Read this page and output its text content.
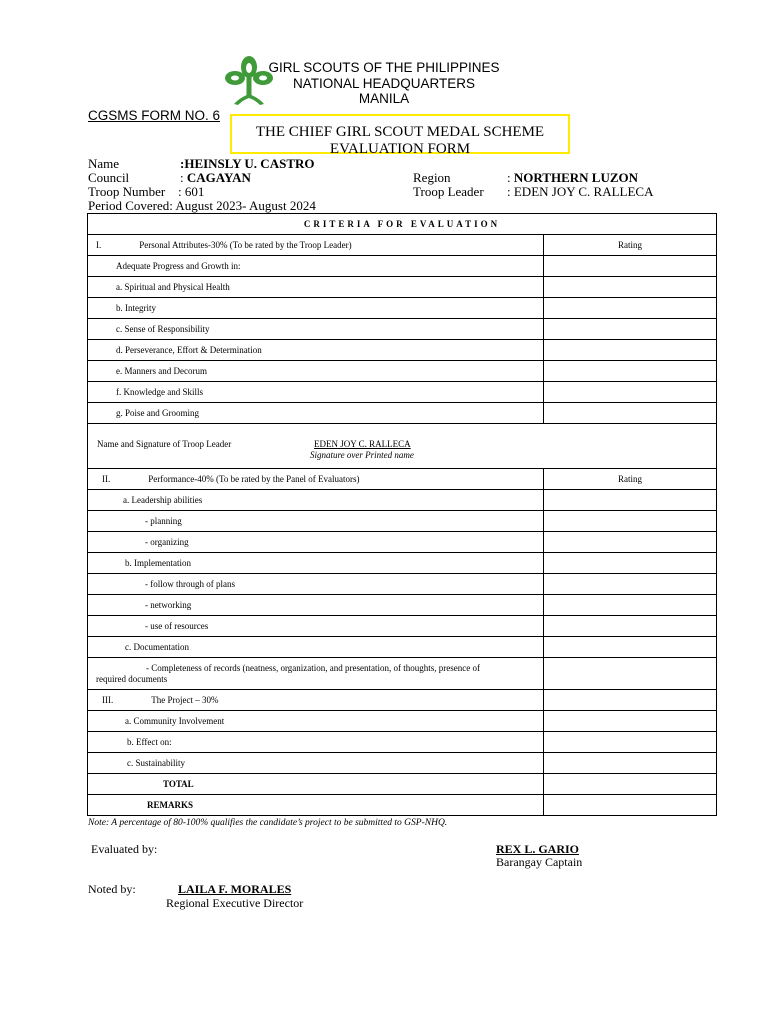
GIRL SCOUTS OF THE PHILIPPINES
NATIONAL HEADQUARTERS
MANILA
CGSMS FORM NO. 6
THE CHIEF GIRL SCOUT MEDAL SCHEME
EVALUATION FORM
Name	:HEINSLY U. CASTRO
Council	: CAGAYAN	Region	: NORTHERN LUZON
Troop Number : 601	Troop Leader : EDEN JOY C. RALLECA
Period Covered: August 2023- August 2024
CRITERIA FOR EVALUATION	
I. Personal Attributes-30% (To be rated by the Troop Leader)	Rating
Adequate Progress and Growth in:	
a. Spiritual and Physical Health	
b. Integrity	
c. Sense of Responsibility	
d. Perseverance, Effort & Determination	
e. Manners and Decorum	
f. Knowledge and Skills	
g. Poise and Grooming	

Name and Signature of Troop Leader EDEN JOY C. RALLECA
Signature over Printed name	

II. Performance-40% (To be rated by the Panel of Evaluators)	Rating
a. Leadership abilities	
- planning	
- organizing	
b. Implementation	
- follow through of plans	
- networking	
- use of resources	
c. Documentation	

- Completeness of records (neatness, organization, and presentation, of thoughts, presence of
required documents	

III. The Project – 30%	
a. Community Involvement	
b. Effect on:	
c. Sustainability	
TOTAL	
REMARKS	
Note: A percentage of 80-100% qualifies the candidate’s project to be submitted to GSP-NHQ.
Evaluated by:	REX L. GARIO
Barangay Captain
Noted by:	LAILA F. MORALES
Regional Executive Director
